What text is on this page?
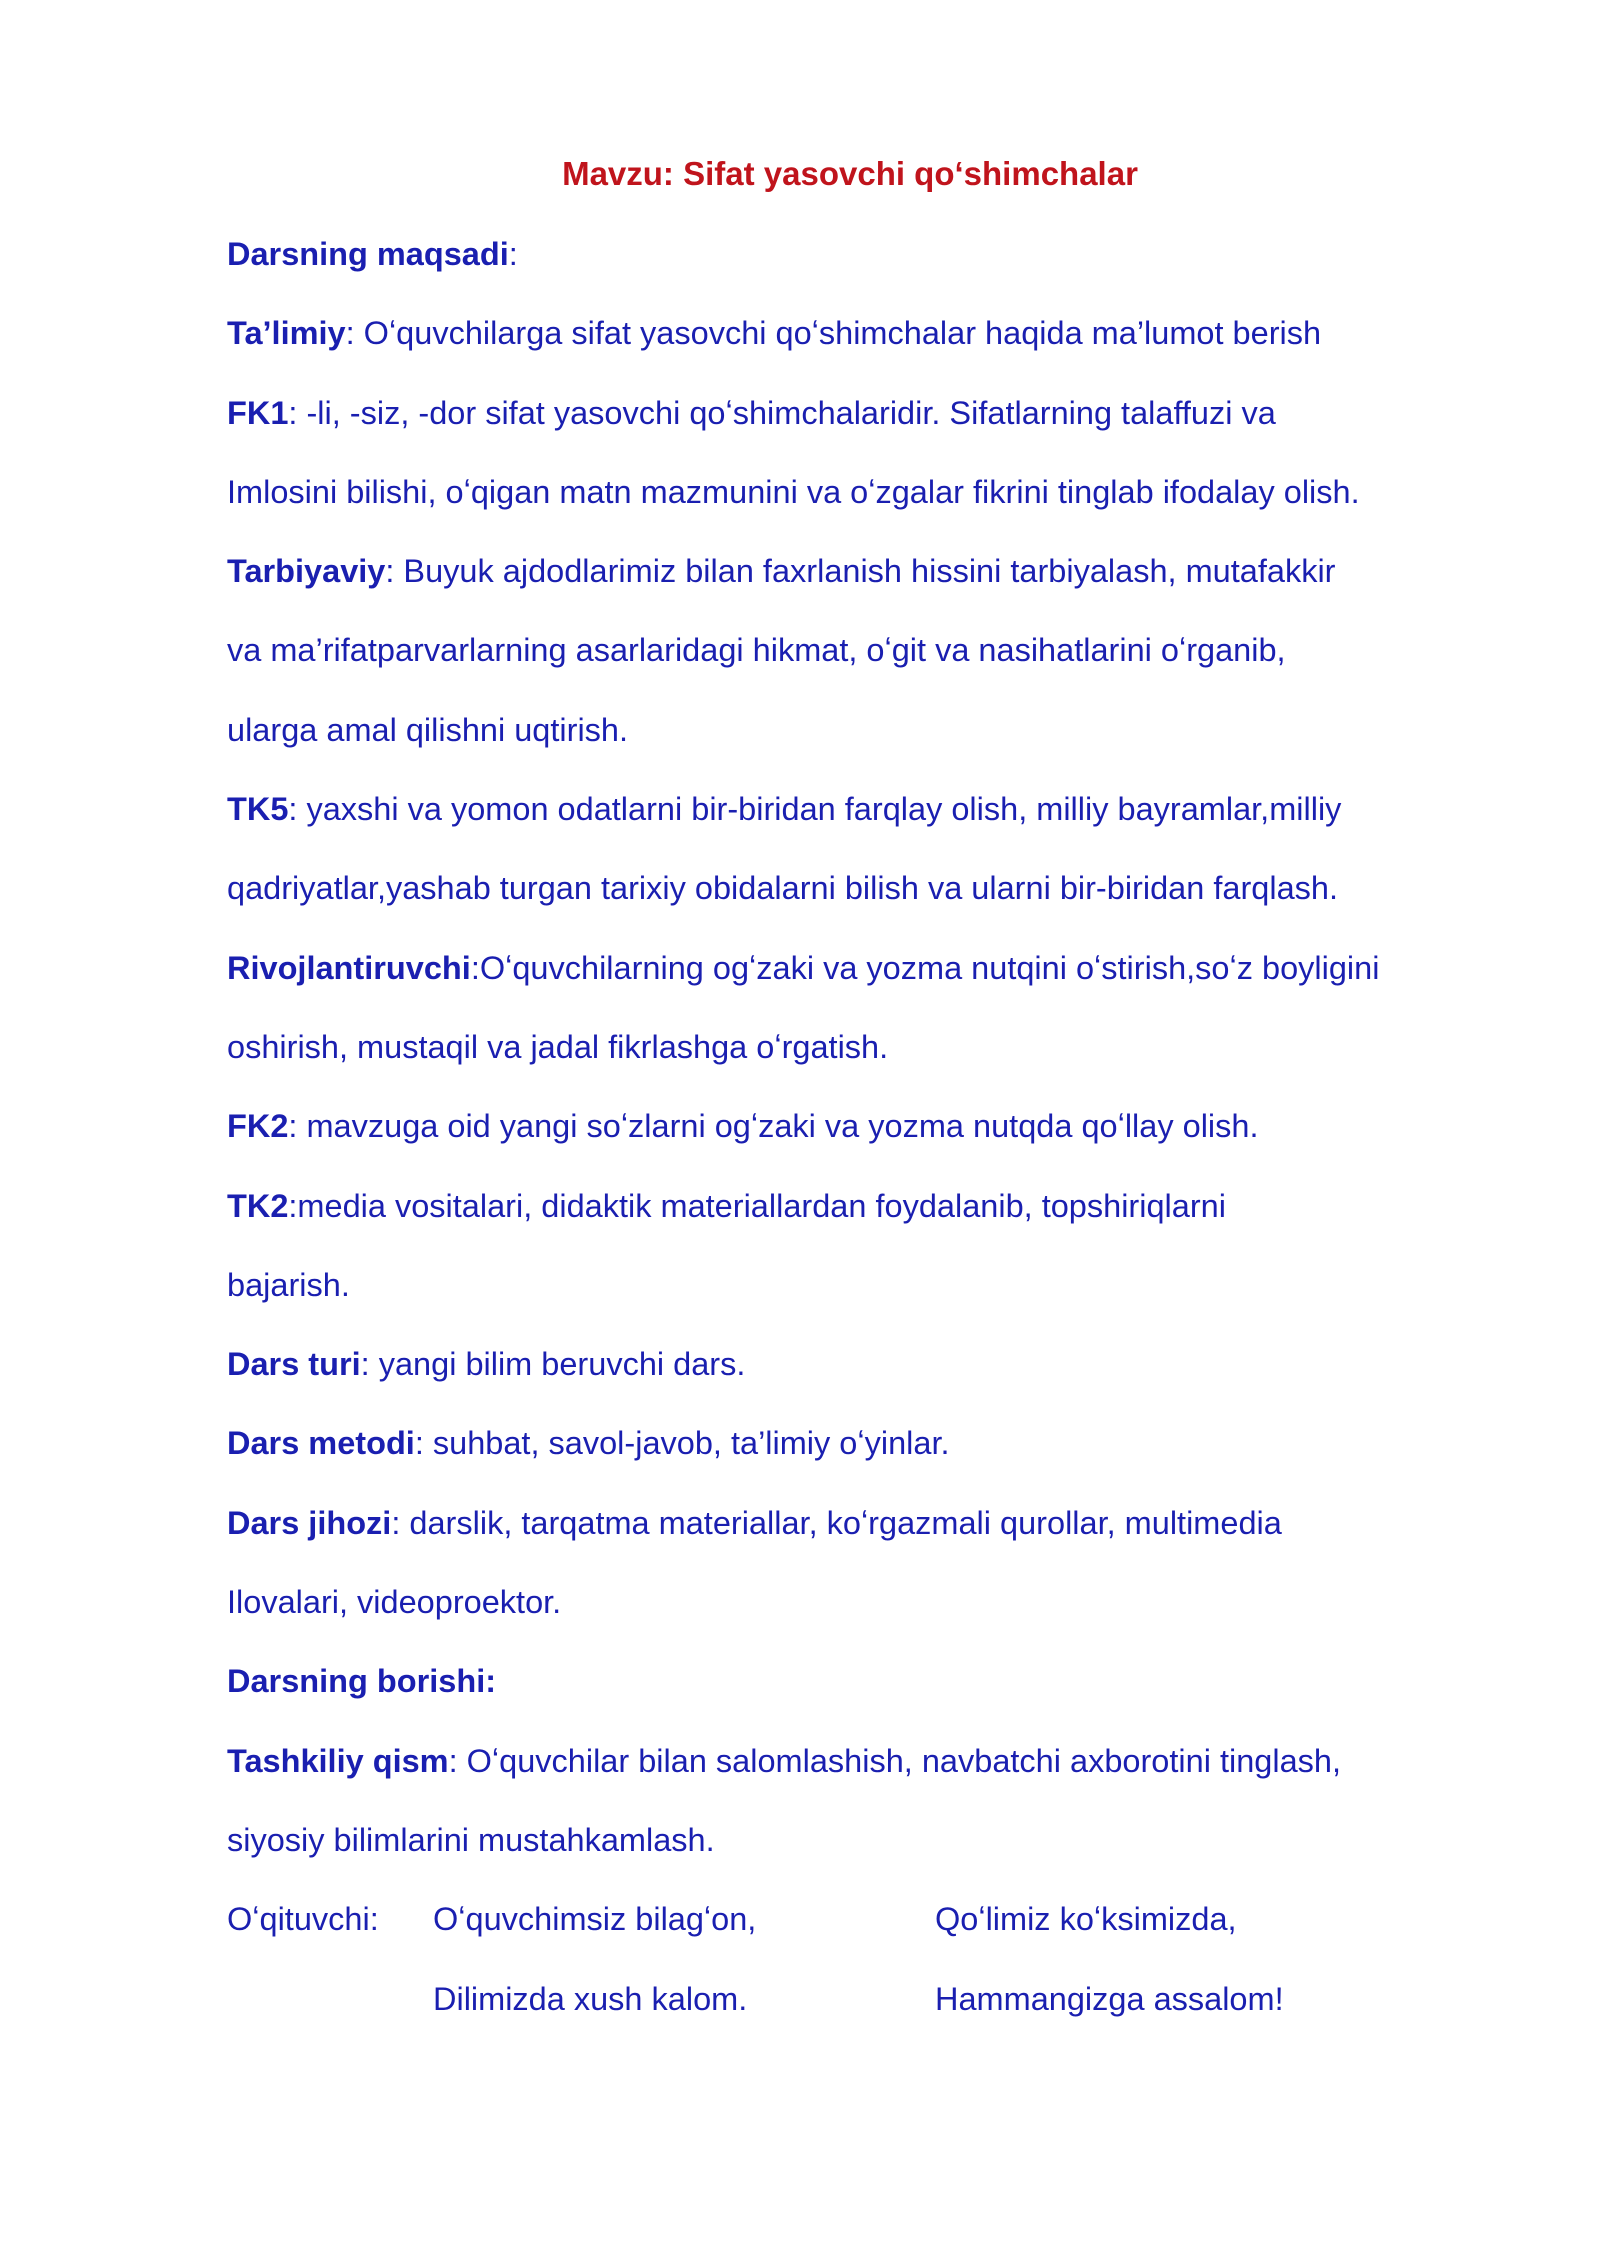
Mavzu: Sifat yasovchi qoʻshimchalar
Darsning maqsadi:
Ta’limiy: Oʻquvchilarga sifat yasovchi qoʻshimchalar haqida ma’lumot berish
FK1: -li, -siz, -dor sifat yasovchi qoʻshimchalaridir. Sifatlarning talaffuzi va
Imlosini bilishi, oʻqigan matn mazmunini va oʻzgalar fikrini tinglab ifodalay olish.
Tarbiyaviy: Buyuk ajdodlarimiz bilan faxrlanish hissini tarbiyalash, mutafakkir
va ma’rifatparvarlarning asarlaridagi hikmat, oʻgit va nasihatlarini oʻrganib,
ularga amal qilishni uqtirish.
TK5: yaxshi va yomon odatlarni bir-biridan farqlay olish, milliy bayramlar,milliy
qadriyatlar,yashab turgan tarixiy obidalarni bilish va ularni bir-biridan farqlash.
Rivojlantiruvchi:Oʻquvchilarning ogʻzaki va yozma nutqini oʻstirish,soʻz boyligini
oshirish, mustaqil va jadal fikrlashga oʻrgatish.
FK2: mavzuga oid yangi soʻzlarni ogʻzaki va yozma nutqda qoʻllay olish.
TK2:media vositalari, didaktik materiallardan foydalanib, topshiriqlarni
bajarish.
Dars turi: yangi bilim beruvchi dars.
Dars metodi: suhbat, savol-javob, ta’limiy oʻyinlar.
Dars jihozi: darslik, tarqatma materiallar, koʻrgazmali qurollar, multimedia
Ilovalari, videoproektor.
Darsning borishi:
Tashkiliy qism: Oʻquvchilar bilan salomlashish, navbatchi axborotini tinglash,
siyosiy bilimlarini mustahkamlash.
Oʻqituvchi: Oʻquvchimsiz bilagʻon,	Qoʻlimiz koʻksimizda,
Dilimizda xush kalom.	Hammangizga assalom!
